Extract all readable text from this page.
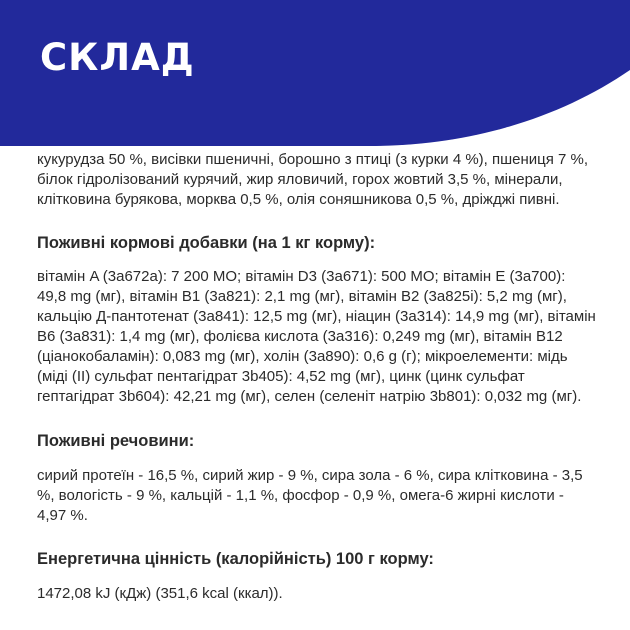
СКЛАД

кукурудза 50 %, висівки пшеничні, борошно з птиці (з курки 4 %), пшениця 7 %, білок гідролізований курячий, жир яловичий, горох жовтий 3,5 %, мінерали, клітковина бурякова, морква 0,5 %, олія соняшникова 0,5 %, дріжджі пивні.

Поживні кормові добавки (на 1 кг корму):

вітамін A (3a672a): 7 200 МО; вітамін D3 (3a671): 500 МО; вітамін E (3a700): 49,8 mg (мг), вітамін B1 (3a821): 2,1 mg (мг), вітамін B2 (3a825i): 5,2 mg (мг), кальцію Д-пантотенат (3a841): 12,5 mg (мг), ніацин (3a314): 14,9 mg (мг), вітамін B6 (3a831): 1,4 mg (мг), фолієва кислота (3a316): 0,249 mg (мг), вітамін B12 (ціанокобаламін): 0,083 mg (мг), холін (3a890): 0,6 g (г); мікроелементи: мідь (міді (II) сульфат пентагідрат 3b405): 4,52 mg (мг), цинк (цинк сульфат гептагідрат 3b604): 42,21 mg (мг), селен (селеніт натрію 3b801): 0,032 mg (мг).

Поживні речовини:

сирий протеїн - 16,5 %, сирий жир - 9 %, сира зола - 6 %, сира клітковина - 3,5 %, вологість - 9 %, кальцій - 1,1 %, фосфор - 0,9 %, омега-6 жирні кислоти - 4,97 %.

Енергетична цінність (калорійність) 100 г корму:

1472,08 kJ (кДж) (351,6 kcal (ккал)).
